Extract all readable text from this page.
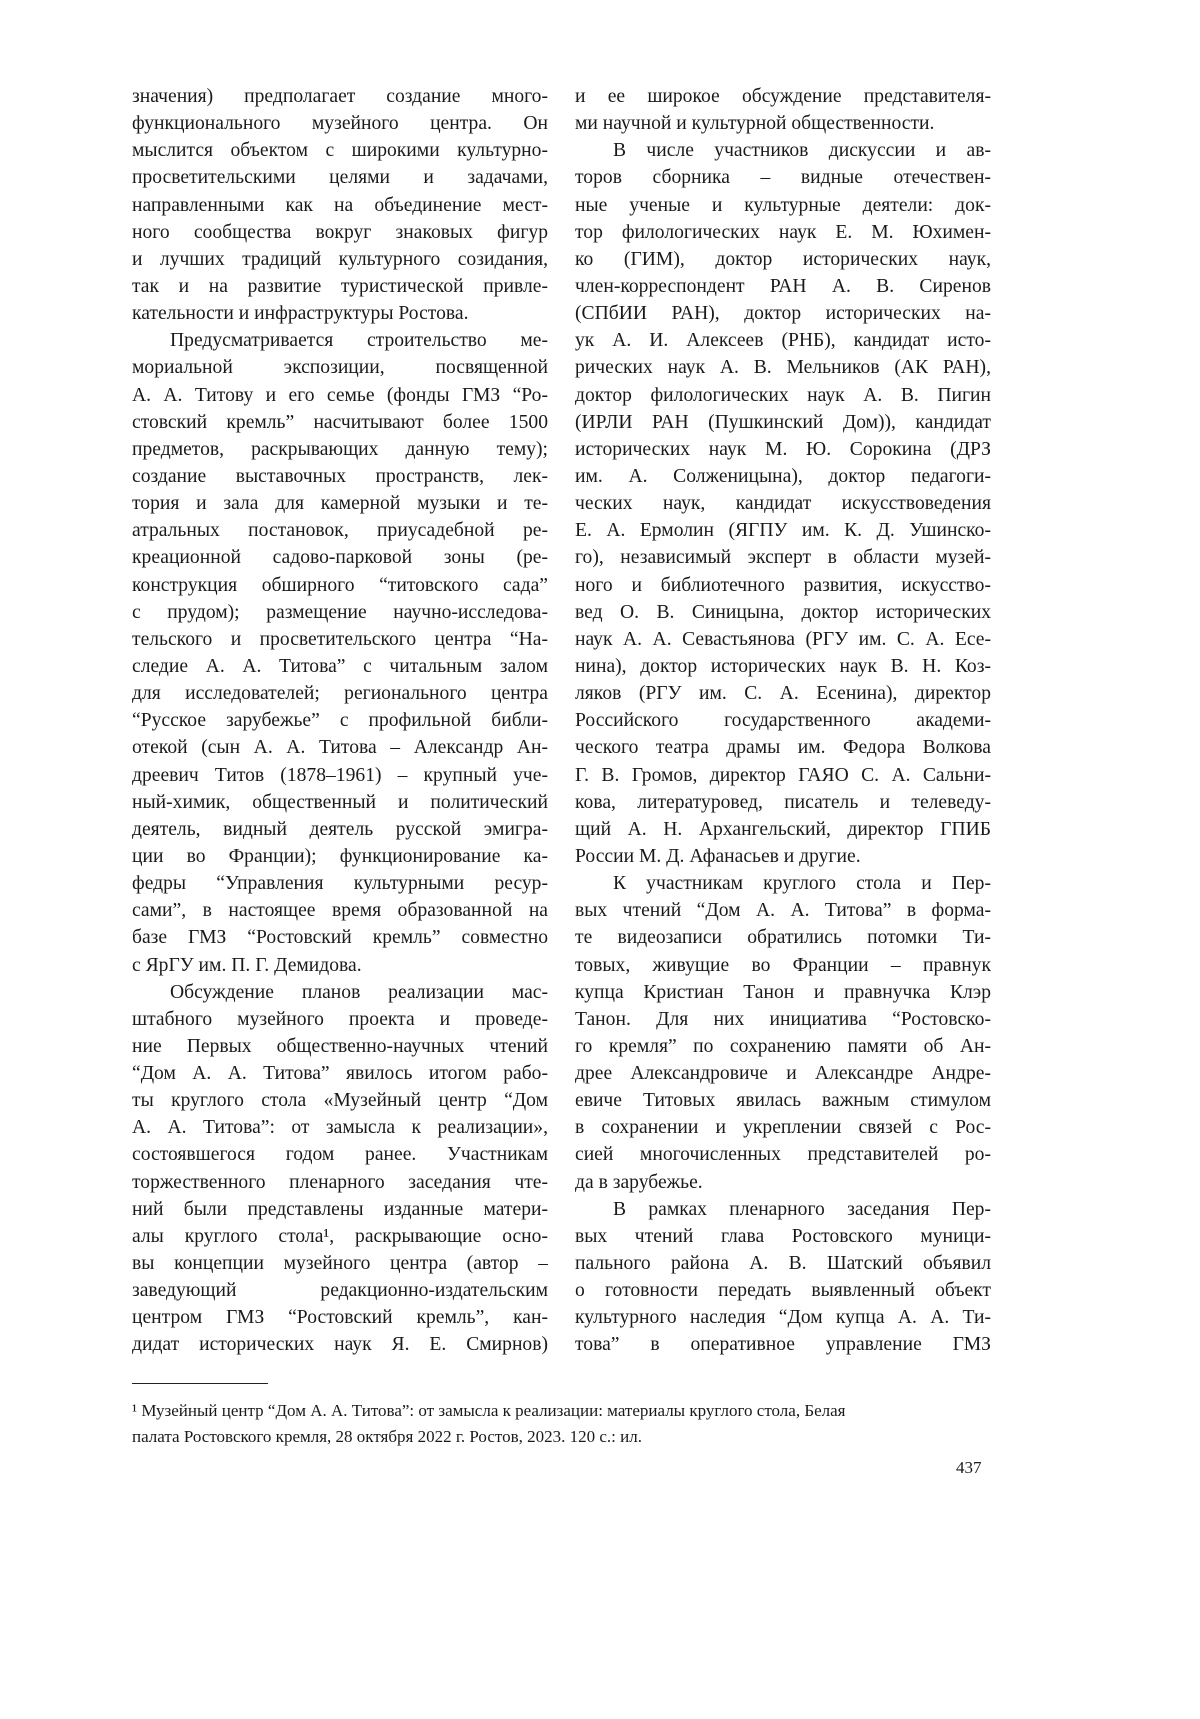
значения) предполагает создание много-
функционального музейного центра. Он
мыслится объектом с широкими культурно-
просветительскими целями и задачами,
направленными как на объединение мест-
ного сообщества вокруг знаковых фигур
и лучших традиций культурного созидания,
так и на развитие туристической привле-
кательности и инфраструктуры Ростова.
Предусматривается строительство ме-
мориальной экспозиции, посвященной
А. А. Титову и его семье (фонды ГМЗ “Ро-
стовский кремль” насчитывают более 1500
предметов, раскрывающих данную тему);
создание выставочных пространств, лек-
тория и зала для камерной музыки и те-
атральных постановок, приусадебной ре-
креационной садово-парковой зоны (ре-
конструкция обширного “титовского сада”
с прудом); размещение научно-исследова-
тельского и просветительского центра “На-
следие А. А. Титова” с читальным залом
для исследователей; регионального центра
“Русское зарубежье” с профильной библи-
отекой (сын А. А. Титова – Александр Ан-
дреевич Титов (1878–1961) – крупный уче-
ный-химик, общественный и политический
деятель, видный деятель русской эмигра-
ции во Франции); функционирование ка-
федры “Управления культурными ресур-
сами”, в настоящее время образованной на
базе ГМЗ “Ростовский кремль” совместно
с ЯрГУ им. П. Г. Демидова.
Обсуждение планов реализации мас-
штабного музейного проекта и проведе-
ние Первых общественно-научных чтений
“Дом А. А. Титова” явилось итогом рабо-
ты круглого стола «Музейный центр “Дом
А. А. Титова”: от замысла к реализации»,
состоявшегося годом ранее. Участникам
торжественного пленарного заседания чте-
ний были представлены изданные матери-
алы круглого стола¹, раскрывающие осно-
вы концепции музейного центра (автор –
заведующий редакционно-издательским
центром ГМЗ “Ростовский кремль”, кан-
дидат исторических наук Я. Е. Смирнов)
и ее широкое обсуждение представителя-
ми научной и культурной общественности.
В числе участников дискуссии и ав-
торов сборника – видные отечествен-
ные ученые и культурные деятели: док-
тор филологических наук Е. М. Юхимен-
ко (ГИМ), доктор исторических наук,
член-корреспондент РАН А. В. Сиренов
(СПбИИ РАН), доктор исторических на-
ук А. И. Алексеев (РНБ), кандидат исто-
рических наук А. В. Мельников (АК РАН),
доктор филологических наук А. В. Пигин
(ИРЛИ РАН (Пушкинский Дом)), кандидат
исторических наук М. Ю. Сорокина (ДРЗ
им. А. Солженицына), доктор педагоги-
ческих наук, кандидат искусствоведения
Е. А. Ермолин (ЯГПУ им. К. Д. Ушинско-
го), независимый эксперт в области музей-
ного и библиотечного развития, искусство-
вед О. В. Синицына, доктор исторических
наук А. А. Севастьянова (РГУ им. С. А. Есе-
нина), доктор исторических наук В. Н. Коз-
ляков (РГУ им. С. А. Есенина), директор
Российского государственного академи-
ческого театра драмы им. Федора Волкова
Г. В. Громов, директор ГАЯО С. А. Сальни-
кова, литературовед, писатель и телеведу-
щий А. Н. Архангельский, директор ГПИБ
России М. Д. Афанасьев и другие.
К участникам круглого стола и Пер-
вых чтений “Дом А. А. Титова” в форма-
те видеозаписи обратились потомки Ти-
товых, живущие во Франции – правнук
купца Кристиан Танон и правнучка Клэр
Танон. Для них инициатива “Ростовско-
го кремля” по сохранению памяти об Ан-
дрее Александровиче и Александре Андре-
евиче Титовых явилась важным стимулом
в сохранении и укреплении связей с Рос-
сией многочисленных представителей ро-
да в зарубежье.
В рамках пленарного заседания Пер-
вых чтений глава Ростовского муници-
пального района А. В. Шатский объявил
о готовности передать выявленный объект
культурного наследия “Дом купца А. А. Ти-
това” в оперативное управление ГМЗ
¹ Музейный центр “Дом А. А. Титова”: от замысла к реализации: материалы круглого стола, Белая
палата Ростовского кремля, 28 октября 2022 г. Ростов, 2023. 120 с.: ил.
437
